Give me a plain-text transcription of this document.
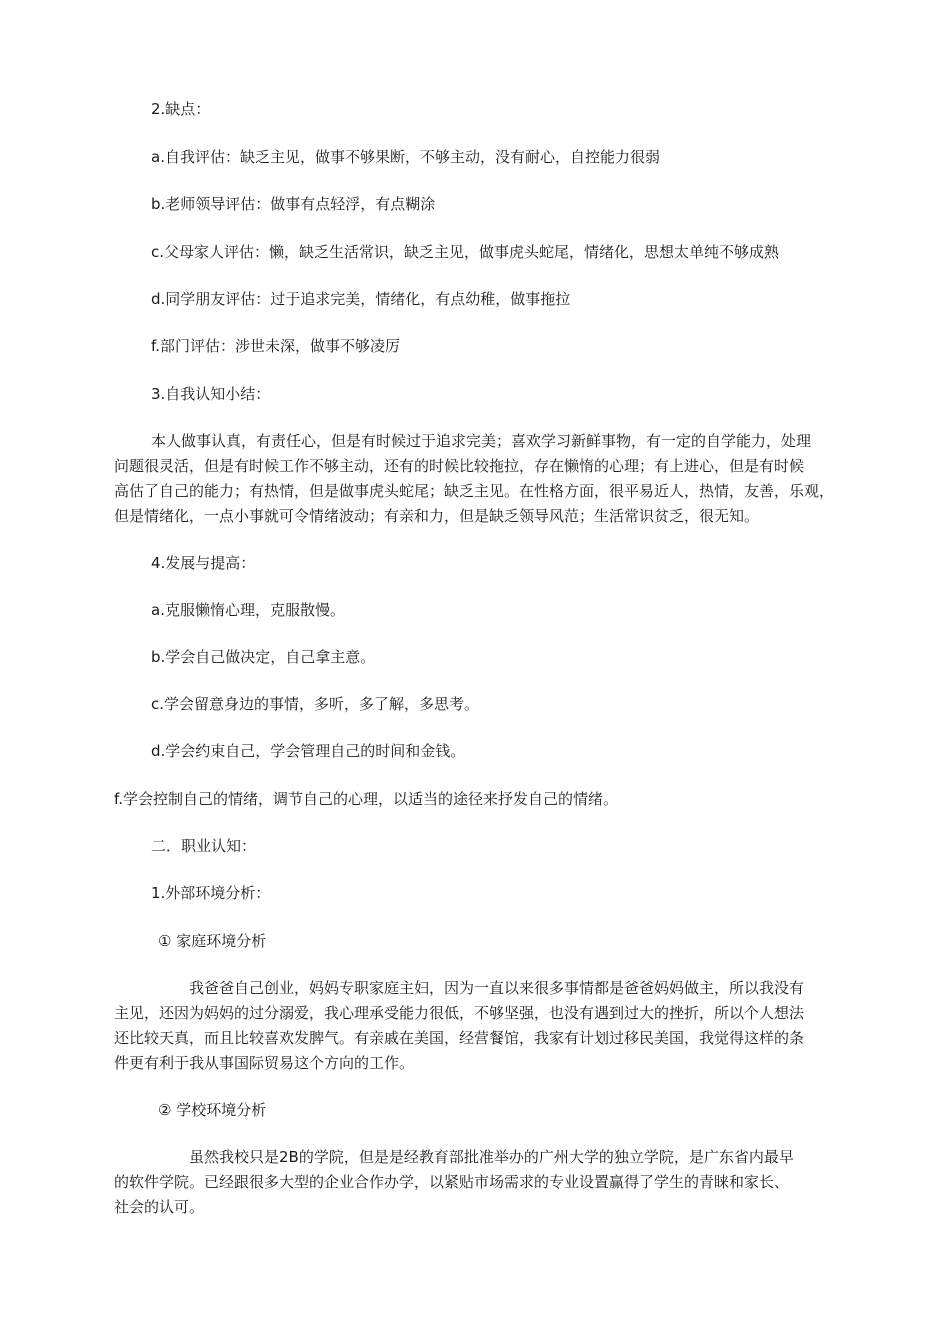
2.缺点：
a.自我评估：缺乏主见，做事不够果断，不够主动，没有耐心，自控能力很弱
b.老师领导评估：做事有点轻浮，有点糊涂
c.父母家人评估：懒，缺乏生活常识，缺乏主见，做事虎头蛇尾，情绪化，思想太单纯不够成熟
d.同学朋友评估：过于追求完美，情绪化，有点幼稚，做事拖拉
f.部门评估：涉世未深，做事不够凌厉
3.自我认知小结：
本人做事认真，有责任心，但是有时候过于追求完美；喜欢学习新鲜事物，有一定的自学能力，处理
问题很灵活，但是有时候工作不够主动，还有的时候比较拖拉，存在懒惰的心理；有上进心，但是有时候
高估了自己的能力；有热情，但是做事虎头蛇尾；缺乏主见。在性格方面，很平易近人，热情，友善，乐观，
但是情绪化，一点小事就可令情绪波动；有亲和力，但是缺乏领导风范；生活常识贫乏，很无知。
4.发展与提高：
a.克服懒惰心理，克服散慢。
b.学会自己做决定，自己拿主意。
c.学会留意身边的事情，多听，多了解，多思考。
d.学会约束自己，学会管理自己的时间和金钱。
f.学会控制自己的情绪，调节自己的心理，以适当的途径来抒发自己的情绪。
二．职业认知：
1.外部环境分析：
① 家庭环境分析
我爸爸自己创业，妈妈专职家庭主妇，因为一直以来很多事情都是爸爸妈妈做主，所以我没有
主见，还因为妈妈的过分溺爱，我心理承受能力很低，不够坚强，也没有遇到过大的挫折，所以个人想法
还比较天真，而且比较喜欢发脾气。有亲戚在美国，经营餐馆，我家有计划过移民美国，我觉得这样的条
件更有利于我从事国际贸易这个方向的工作。
② 学校环境分析
虽然我校只是2B的学院，但是是经教育部批准举办的广州大学的独立学院，是广东省内最早
的软件学院。已经跟很多大型的企业合作办学，以紧贴市场需求的专业设置赢得了学生的青睐和家长、
社会的认可。
